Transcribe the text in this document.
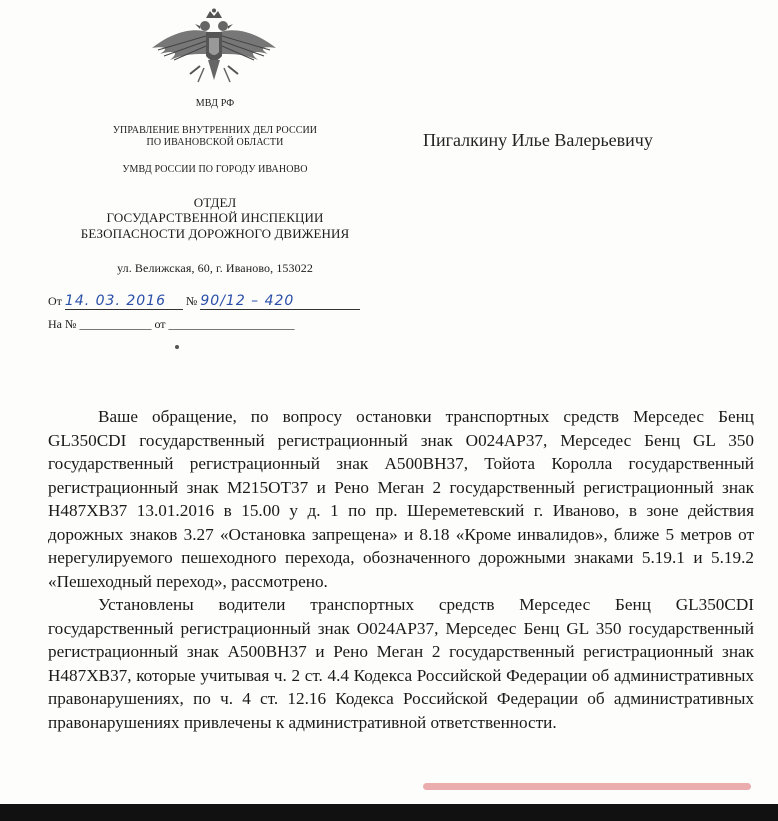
МВД РФ
УПРАВЛЕНИЕ ВНУТРЕННИХ ДЕЛ РОССИИ
ПО ИВАНОВСКОЙ ОБЛАСТИ
УМВД РОССИИ ПО ГОРОДУ ИВАНОВО
ОТДЕЛ
ГОСУДАРСТВЕННОЙ ИНСПЕКЦИИ
БЕЗОПАСНОСТИ ДОРОЖНОГО ДВИЖЕНИЯ
ул. Велижская, 60, г. Иваново, 153022
Пигалкину Илье Валерьевичу
От 14. 03. 2016 № 90/12 – 420
На № ____________ от _____________________

Ваше обращение, по вопросу остановки транспортных средств Мерседес Бенц GL350CDI государственный регистрационный знак О024АР37, Мерседес Бенц GL 350 государственный регистрационный знак А500ВН37, Тойота Королла государственный регистрационный знак М215ОТ37 и Рено Меган 2 государственный регистрационный знак Н487ХВ37 13.01.2016 в 15.00 у д. 1 по пр. Шереметевский г. Иваново, в зоне действия дорожных знаков 3.27 «Остановка запрещена» и 8.18 «Кроме инвалидов», ближе 5 метров от нерегулируемого пешеходного перехода, обозначенного дорожными знаками 5.19.1 и 5.19.2 «Пешеходный переход», рассмотрено.

Установлены водители транспортных средств Мерседес Бенц GL350CDI государственный регистрационный знак О024АР37, Мерседес Бенц GL 350 государственный регистрационный знак А500ВН37 и Рено Меган 2 государственный регистрационный знак Н487ХВ37, которые учитывая ч. 2 ст. 4.4 Кодекса Российской Федерации об административных правонарушениях, по ч. 4 ст. 12.16 Кодекса Российской Федерации об административных правонарушениях привлечены к административной ответственности.
